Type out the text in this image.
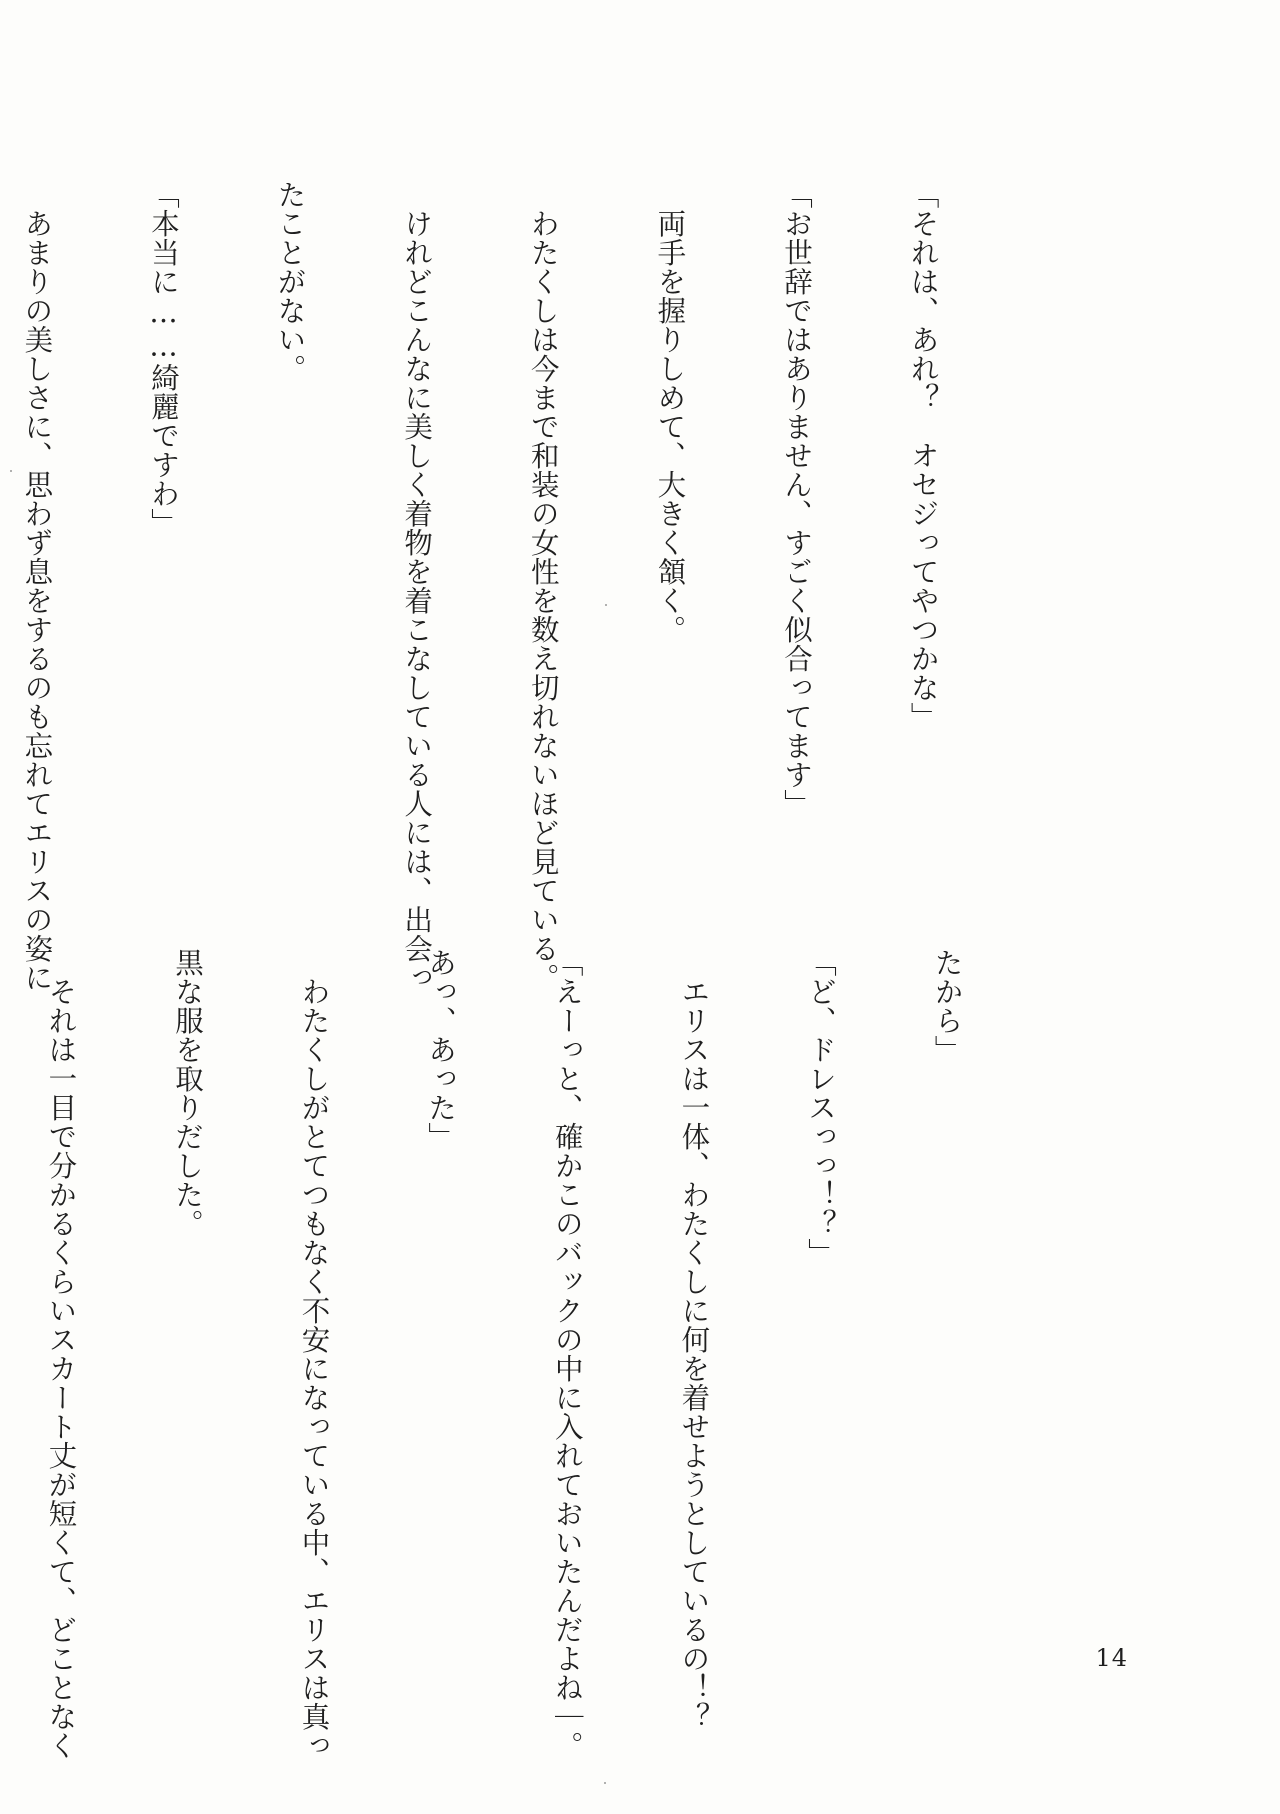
「それは、あれ？　オセジってやつかな」

「お世辞ではありません、すごく似合ってます」

　両手を握りしめて、大きく頷く。

　わたくしは今まで和装の女性を数え切れないほど見ている。

　けれどこんなに美しく着物を着こなしている人には、出会っ

たことがない。

「本当に……綺麗ですわ」

　あまりの美しさに、思わず息をするのも忘れてエリスの姿に

たから」

「ど、ドレスっっ！？」

　エリスは一体、わたくしに何を着せようとしているの！？

「えーっと、確かこのバックの中に入れておいたんだよね｜。

あっ、あった」

　わたくしがとてつもなく不安になっている中、エリスは真っ

黒な服を取りだした。

　それは一目で分かるくらいスカート丈が短くて、どことなく

	14
